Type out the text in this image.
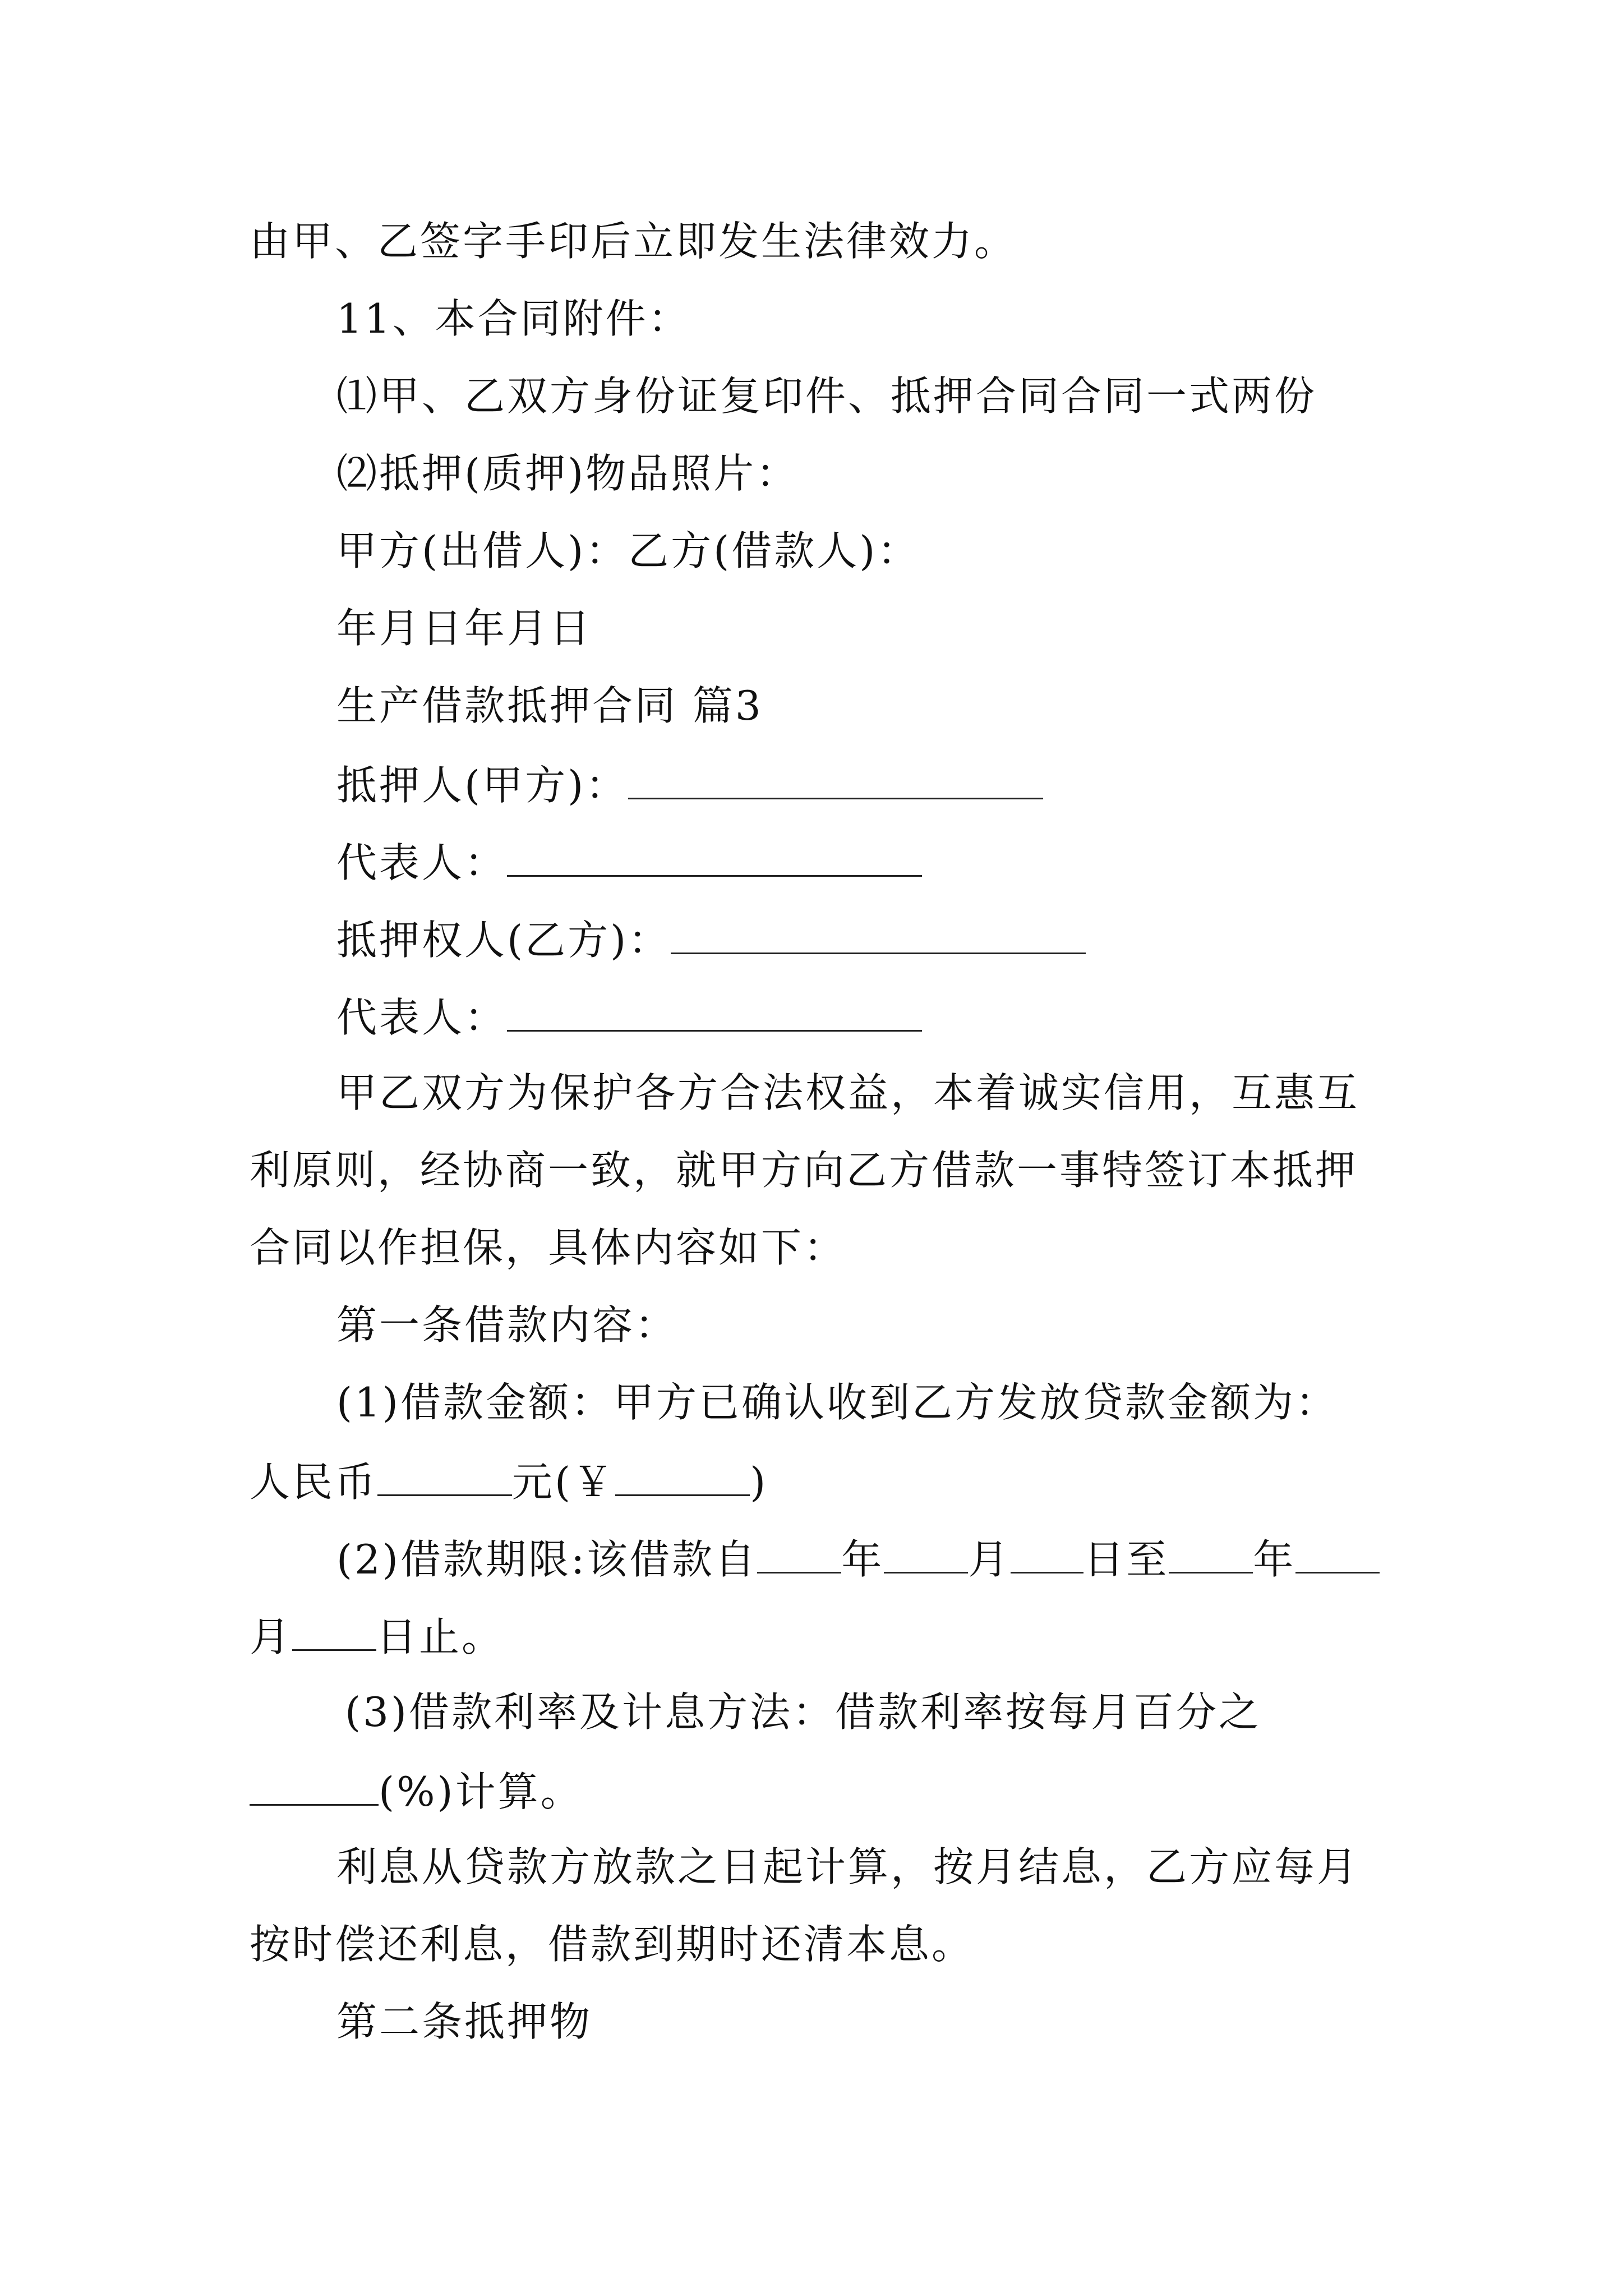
由甲、乙签字手印后立即发生法律效力。
11、本合同附件：
⑴甲、乙双方身份证复印件、抵押合同合同一式两份
⑵抵押(质押)物品照片：
甲方(出借人)：乙方(借款人)：
年月日年月日
生产借款抵押合同 篇3
抵押人(甲方)：
代表人：
抵押权人(乙方)：
代表人：
甲乙双方为保护各方合法权益，本着诚实信用，互惠互
利原则，经协商一致，就甲方向乙方借款一事特签订本抵押
合同以作担保，具体内容如下：
第一条借款内容：
(1)借款金额：甲方已确认收到乙方发放贷款金额为：
人民币	元(￥	)
(2)借款期限:该借款自 年 月 日至 年
月 日止。
(3)借款利率及计息方法：借款利率按每月百分之
(%)计算。
利息从贷款方放款之日起计算，按月结息，乙方应每月
按时偿还利息，借款到期时还清本息。
第二条抵押物
